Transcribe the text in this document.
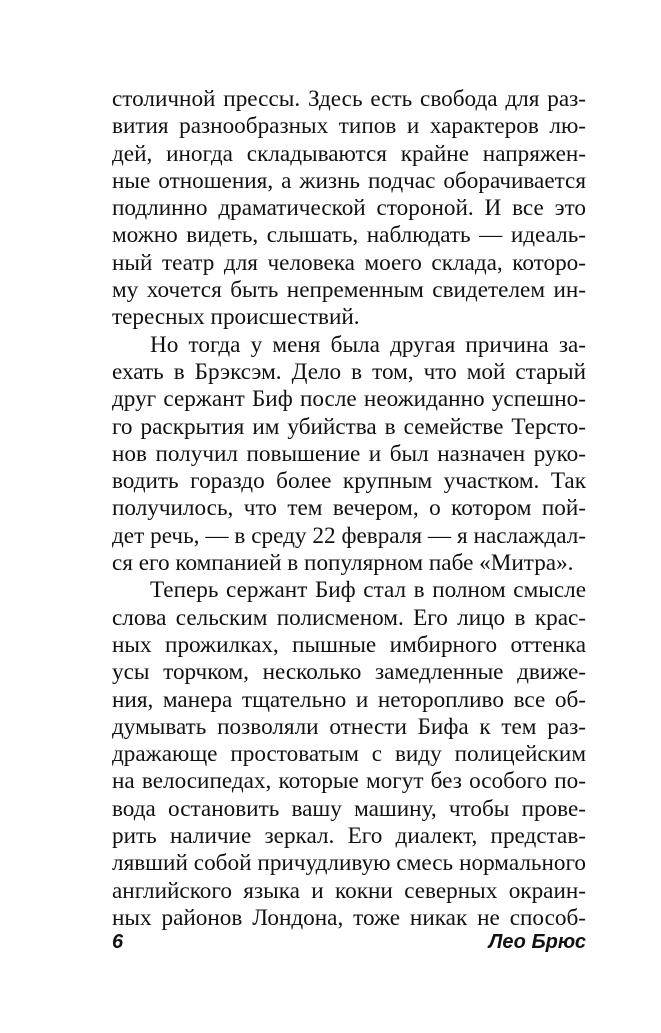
столичной прессы. Здесь есть свобода для раз-
вития разнообразных типов и характеров лю-
дей, иногда складываются крайне напряжен-
ные отношения, а жизнь подчас оборачивается
подлинно драматической стороной. И все это
можно видеть, слышать, наблюдать — идеаль-
ный театр для человека моего склада, которо-
му хочется быть непременным свидетелем ин-
тересных происшествий.
Но тогда у меня была другая причина за-
ехать в Брэксэм. Дело в том, что мой старый
друг сержант Биф после неожиданно успешно-
го раскрытия им убийства в семействе Терсто-
нов получил повышение и был назначен руко-
водить гораздо более крупным участком. Так
получилось, что тем вечером, о котором пой-
дет речь, — в среду 22 февраля — я наслаждал-
ся его компанией в популярном пабе «Митра».
Теперь сержант Биф стал в полном смысле
слова сельским полисменом. Его лицо в крас-
ных прожилках, пышные имбирного оттенка
усы торчком, несколько замедленные движе-
ния, манера тщательно и неторопливо все об-
думывать позволяли отнести Бифа к тем раз-
дражающе простоватым с виду полицейским
на велосипедах, которые могут без особого по-
вода остановить вашу машину, чтобы прове-
рить наличие зеркал. Его диалект, представ-
лявший собой причудливую смесь нормального
английского языка и кокни северных окраин-
ных районов Лондона, тоже никак не способ-
6	Лео Брюс
